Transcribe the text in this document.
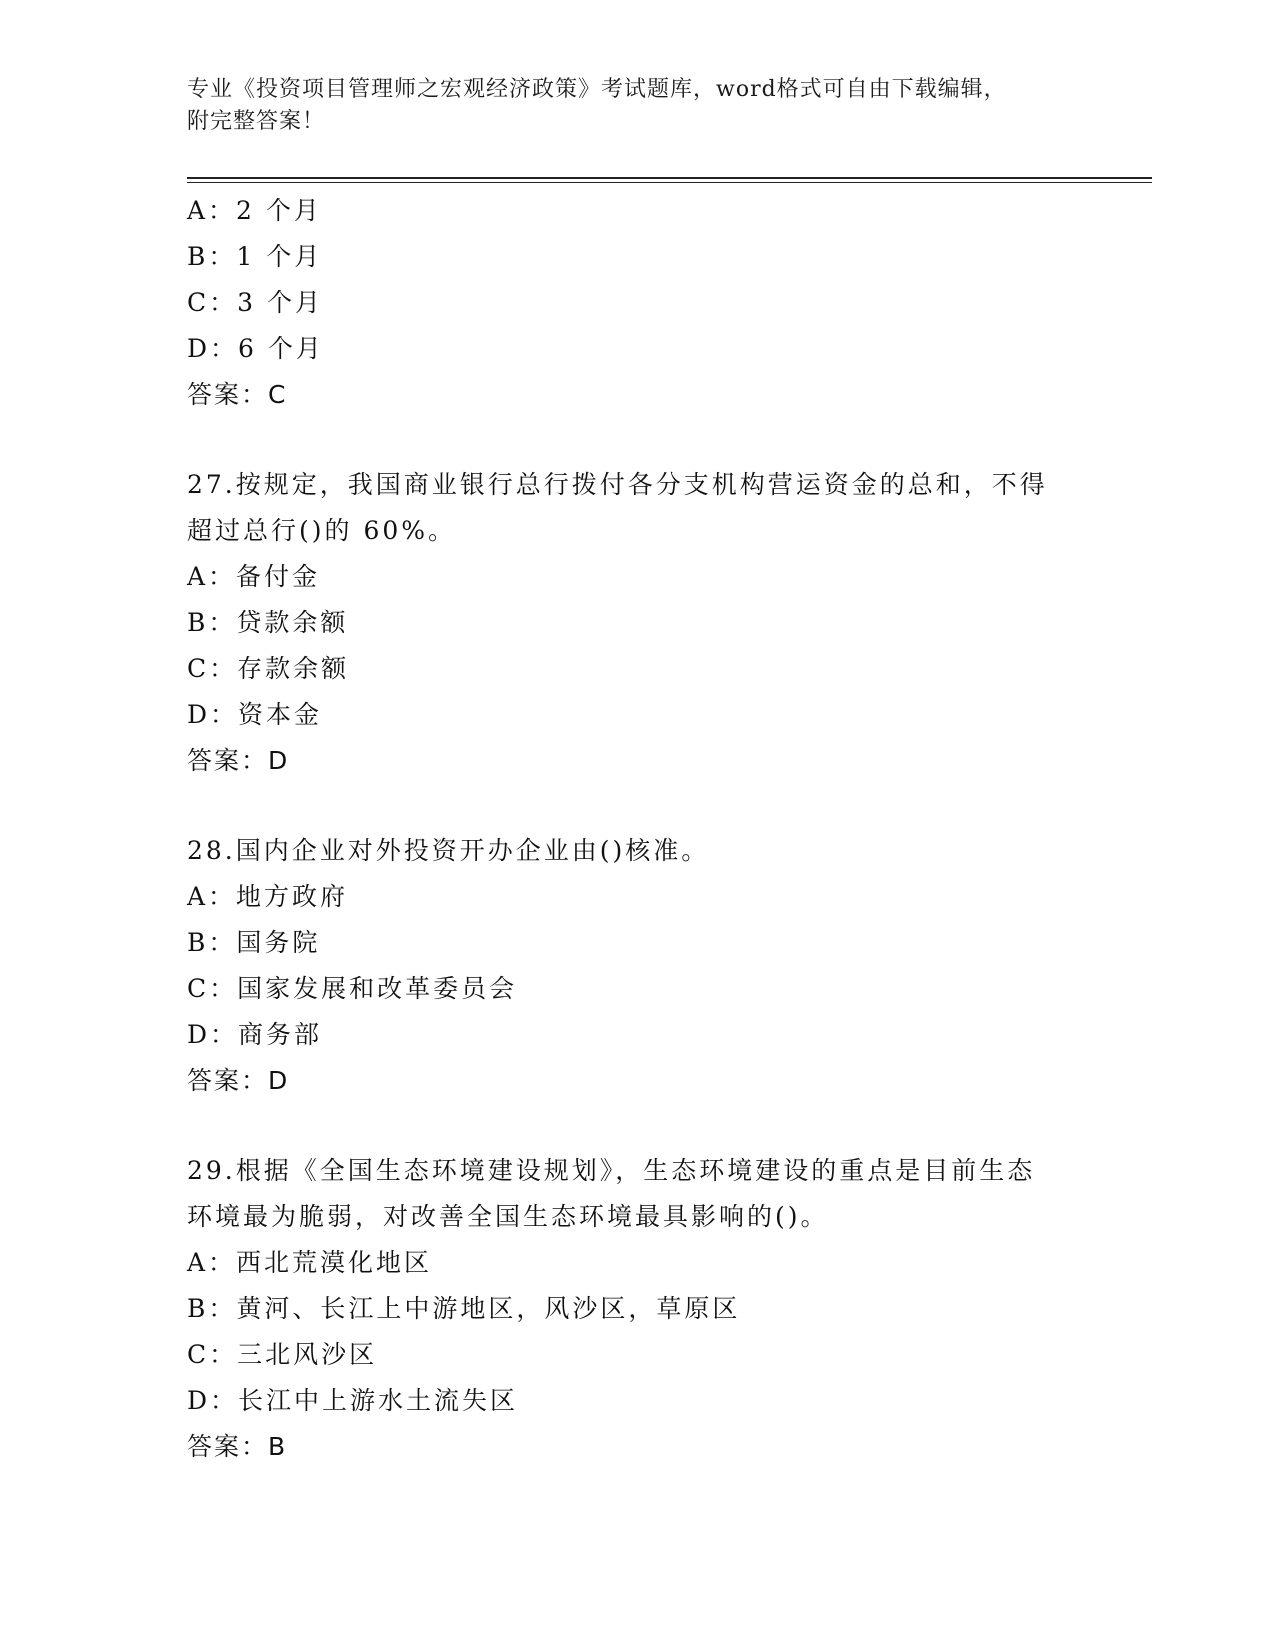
专业《投资项目管理师之宏观经济政策》考试题库，word格式可自由下载编辑，
附完整答案！
A：2 个月
B：1 个月
C：3 个月
D：6 个月
答案：C
27.按规定，我国商业银行总行拨付各分支机构营运资金的总和，不得
超过总行()的 60%。
A：备付金
B：贷款余额
C：存款余额
D：资本金
答案：D
28.国内企业对外投资开办企业由()核准。
A：地方政府
B：国务院
C：国家发展和改革委员会
D：商务部
答案：D
29.根据《全国生态环境建设规划》，生态环境建设的重点是目前生态
环境最为脆弱，对改善全国生态环境最具影响的()。
A：西北荒漠化地区
B：黄河、长江上中游地区，风沙区，草原区
C：三北风沙区
D：长江中上游水土流失区
答案：B
